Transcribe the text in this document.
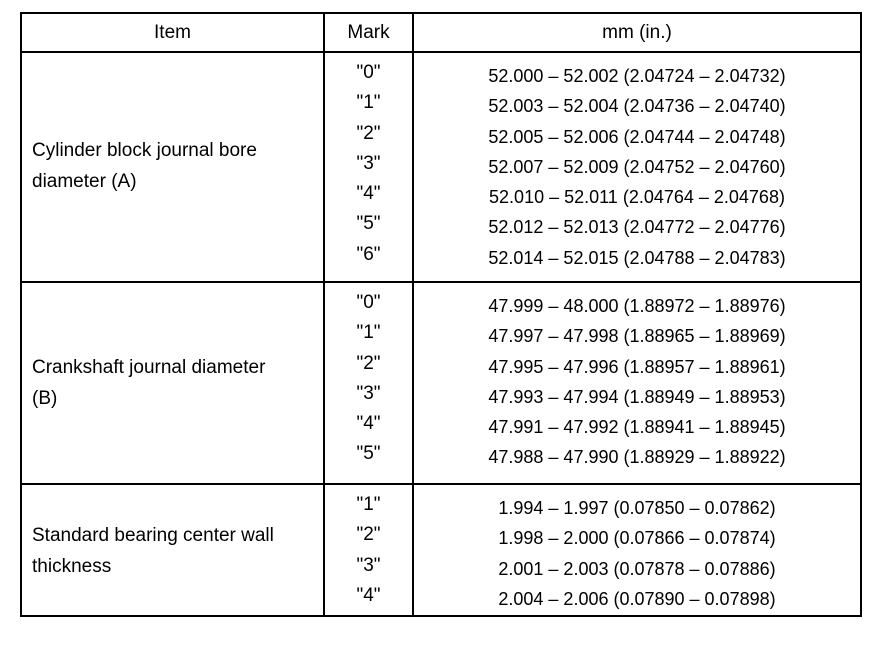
Item	Mark	mm (in.)
Cylinder block journal bore
diameter (A)
"0"
"1"
"2"
"3"
"4"
"5"
"6"
52.000 – 52.002 (2.04724 – 2.04732)
52.003 – 52.004 (2.04736 – 2.04740)
52.005 – 52.006 (2.04744 – 2.04748)
52.007 – 52.009 (2.04752 – 2.04760)
52.010 – 52.011 (2.04764 – 2.04768)
52.012 – 52.013 (2.04772 – 2.04776)
52.014 – 52.015 (2.04788 – 2.04783)
Crankshaft journal diameter
(B)
"0"
"1"
"2"
"3"
"4"
"5"
47.999 – 48.000 (1.88972 – 1.88976)
47.997 – 47.998 (1.88965 – 1.88969)
47.995 – 47.996 (1.88957 – 1.88961)
47.993 – 47.994 (1.88949 – 1.88953)
47.991 – 47.992 (1.88941 – 1.88945)
47.988 – 47.990 (1.88929 – 1.88922)
Standard bearing center wall
thickness
"1"
"2"
"3"
"4"
1.994 – 1.997 (0.07850 – 0.07862)
1.998 – 2.000 (0.07866 – 0.07874)
2.001 – 2.003 (0.07878 – 0.07886)
2.004 – 2.006 (0.07890 – 0.07898)
